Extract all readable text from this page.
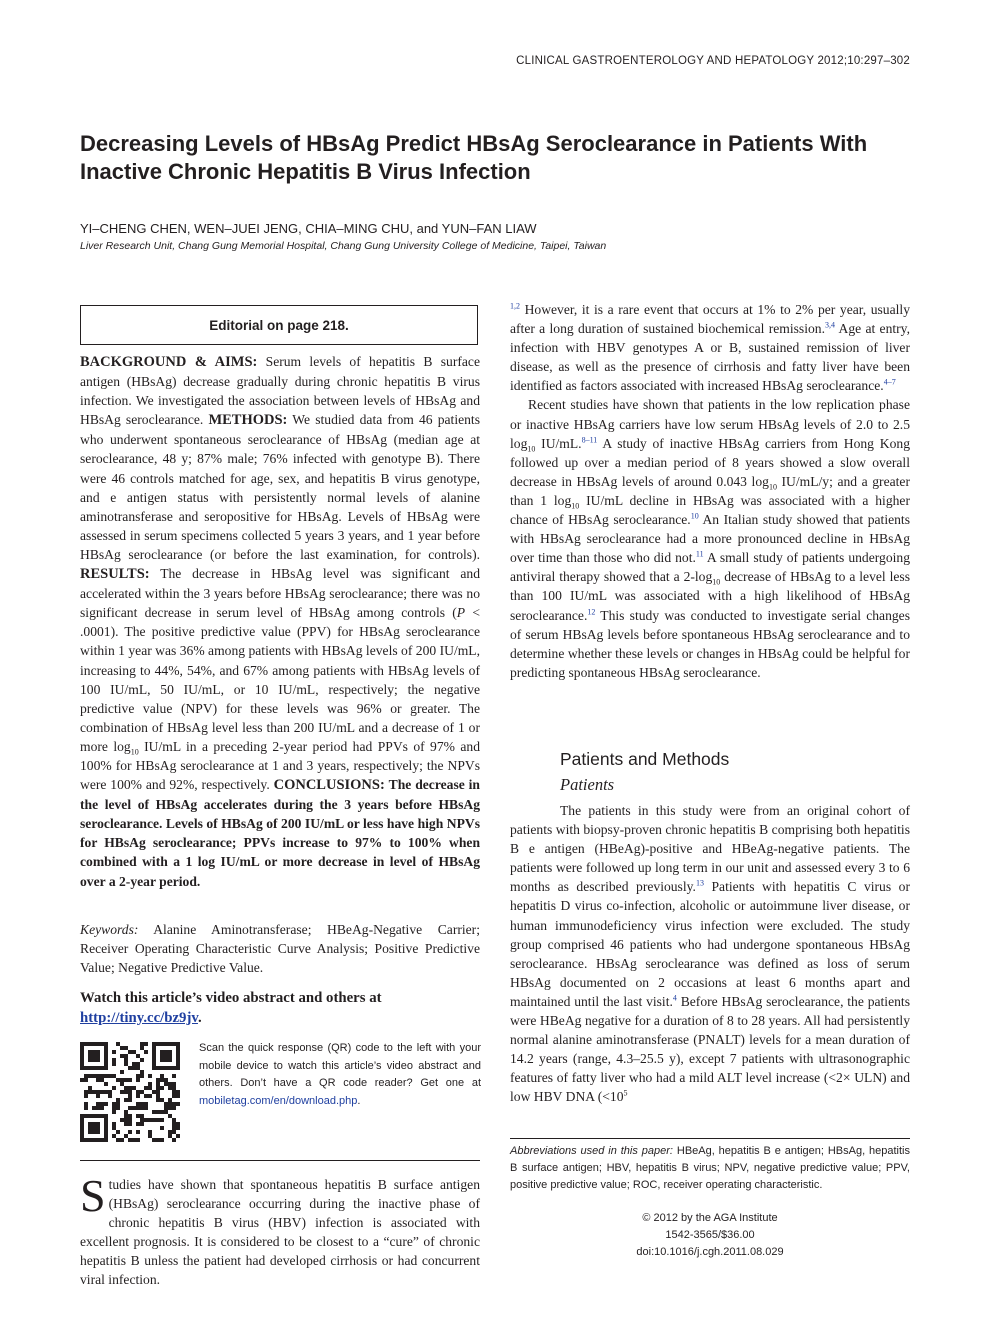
CLINICAL GASTROENTEROLOGY AND HEPATOLOGY 2012;10:297–302
Decreasing Levels of HBsAg Predict HBsAg Seroclearance in Patients With Inactive Chronic Hepatitis B Virus Infection
YI–CHENG CHEN, WEN–JUEI JENG, CHIA–MING CHU, and YUN–FAN LIAW
Liver Research Unit, Chang Gung Memorial Hospital, Chang Gung University College of Medicine, Taipei, Taiwan
Editorial on page 218.
BACKGROUND & AIMS: Serum levels of hepatitis B surface antigen (HBsAg) decrease gradually during chronic hepatitis B virus infection. We investigated the association between levels of HBsAg and HBsAg seroclearance. METHODS: We studied data from 46 patients who underwent spontaneous seroclearance of HBsAg (median age at seroclearance, 48 y; 87% male; 76% infected with genotype B). There were 46 controls matched for age, sex, and hepatitis B virus genotype, and e antigen status with persistently normal levels of alanine aminotransferase and seropositive for HBsAg. Levels of HBsAg were assessed in serum specimens collected 5 years 3 years, and 1 year before HBsAg seroclearance (or before the last examination, for controls). RESULTS: The decrease in HBsAg level was significant and accelerated within the 3 years before HBsAg seroclearance; there was no significant decrease in serum level of HBsAg among controls (P < .0001). The positive predictive value (PPV) for HBsAg seroclearance within 1 year was 36% among patients with HBsAg levels of 200 IU/mL, increasing to 44%, 54%, and 67% among patients with HBsAg levels of 100 IU/mL, 50 IU/mL, or 10 IU/mL, respectively; the negative predictive value (NPV) for these levels was 96% or greater. The combination of HBsAg level less than 200 IU/mL and a decrease of 1 or more $\log_{10} IU/mL$ in a preceding 2-year period had PPVs of 97% and 100% for HBsAg seroclearance at 1 and 3 years, respectively; the NPVs were 100% and 92%, respectively. CONCLUSIONS: The decrease in the level of HBsAg accelerates during the 3 years before HBsAg seroclearance. Levels of HBsAg of 200 IU/mL or less have high NPVs for HBsAg seroclearance; PPVs increase to 97% to 100% when combined with a 1 log IU/mL or more decrease in level of HBsAg over a 2-year period.
Keywords: Alanine Aminotransferase; HBeAg-Negative Carrier; Receiver Operating Characteristic Curve Analysis; Positive Predictive Value; Negative Predictive Value.
Watch this article’s video abstract and others at http://tiny.cc/bz9jv.
Scan the quick response (QR) code to the left with your mobile device to watch this article’s video abstract and others. Don’t have a QR code reader? Get one at mobiletag.com/en/download.php.
Studies have shown that spontaneous hepatitis B surface antigen (HBsAg) seroclearance occurring during the inactive phase of chronic hepatitis B virus (HBV) infection is associated with excellent prognosis. It is considered to be closest to a “cure” of chronic hepatitis B unless the patient had developed cirrhosis or had concurrent viral infection.

$^{1,2}$ However, it is a rare event that occurs at 1% to 2% per year, usually after a long duration of sustained biochemical remission.$^{3,4}$ Age at entry, infection with HBV genotypes A or B, sustained remission of liver disease, as well as the presence of cirrhosis and fatty liver have been identified as factors associated with increased HBsAg seroclearance.$^{4-7}$

Recent studies have shown that patients in the low replication phase or inactive HBsAg carriers have low serum HBsAg levels of 2.0 to 2.5 $\log_{10} IU/mL.^{8-11}$ A study of inactive HBsAg carriers from Hong Kong followed up over a median period of 8 years showed a slow overall decrease in HBsAg levels of around 0.043 $\log_{10} IU/mL/y$; and a greater than 1 $\log_{10} IU/mL$ decline in HBsAg was associated with a higher chance of HBsAg seroclearance.$^{10}$ An Italian study showed that patients with HBsAg seroclearance had a more pronounced decline in HBsAg over time than those who did not.$^{11}$ A small study of patients undergoing antiviral therapy showed that a $2-\log_{10}$ decrease of HBsAg to a level less than 100 IU/mL was associated with a high likelihood of HBsAg seroclearance.$^{12}$ This study was conducted to investigate serial changes of serum HBsAg levels before spontaneous HBsAg seroclearance and to determine whether these levels or changes in HBsAg could be helpful for predicting spontaneous HBsAg seroclearance.

Patients and Methods
Patients
The patients in this study were from an original cohort of patients with biopsy-proven chronic hepatitis B comprising both hepatitis B e antigen (HBeAg)-positive and HBeAg-negative patients. The patients were followed up long term in our unit and assessed every 3 to 6 months as described previously.$^{13}$ Patients with hepatitis C virus or hepatitis D virus co-infection, alcoholic or autoimmune liver disease, or human immunodeficiency virus infection were excluded. The study group comprised 46 patients who had undergone spontaneous HBsAg seroclearance. HBsAg seroclearance was defined as loss of serum HBsAg documented on 2 occasions at least 6 months apart and maintained until the last visit.$^4$ Before HBsAg seroclearance, the patients were HBeAg negative for a duration of 8 to 28 years. All had persistently normal alanine aminotransferase (PNALT) levels for a mean duration of 14.2 years (range, 4.3–25.5 y), except 7 patients with ultrasonographic features of fatty liver who had a mild ALT level increase (<2× ULN) and low HBV DNA ($<10^5$
Abbreviations used in this paper: HBeAg, hepatitis B e antigen; HBsAg, hepatitis B surface antigen; HBV, hepatitis B virus; NPV, negative predictive value; PPV, positive predictive value; ROC, receiver operating characteristic.
© 2012 by the AGA Institute
1542-3565/$36.00
doi:10.1016/j.cgh.2011.08.029
